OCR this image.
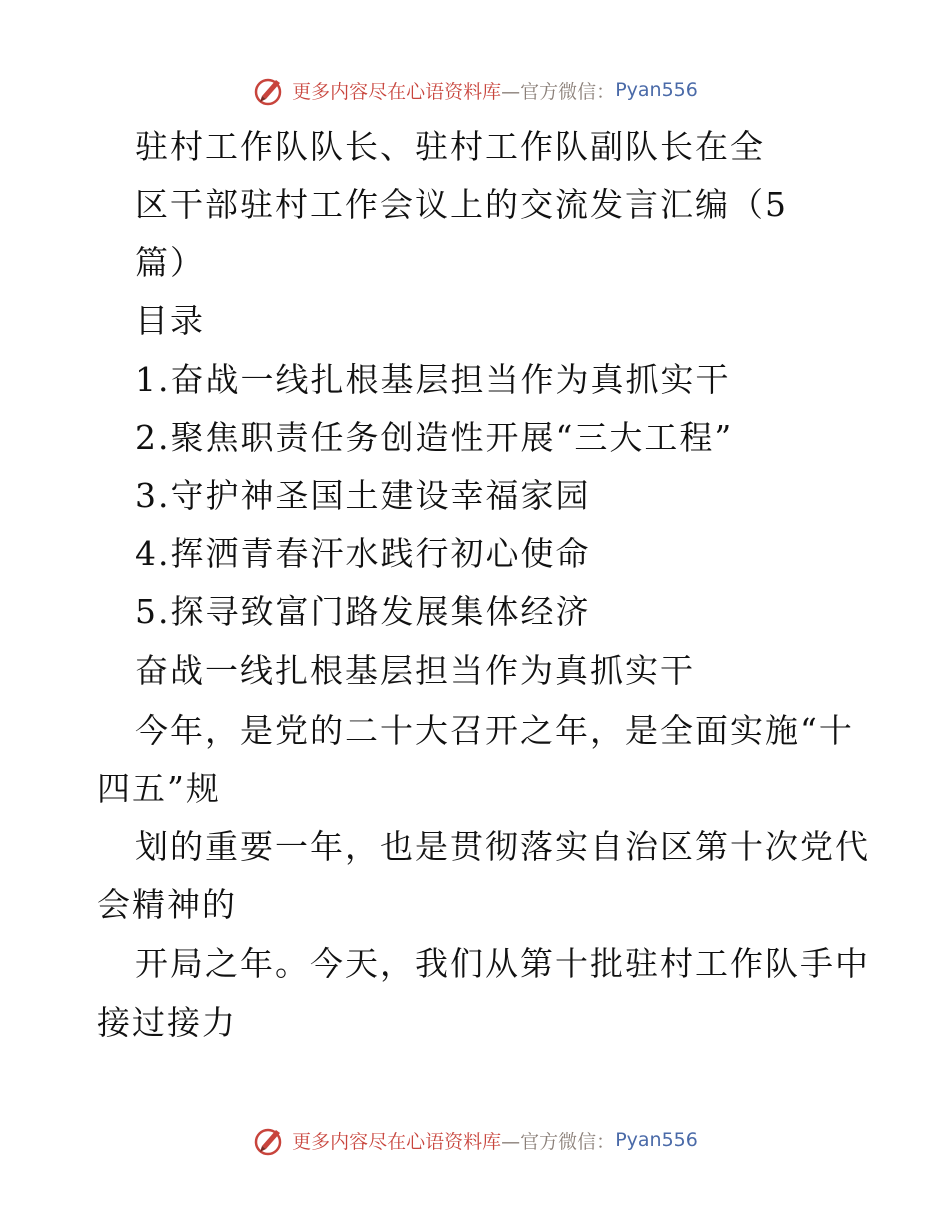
更多内容尽在心语资料库 —官方微信： Pyan556
驻村工作队队长、驻村工作队副队长在全
区干部驻村工作会议上的交流发言汇编（5
篇）
目录
1.奋战一线扎根基层担当作为真抓实干
2.聚焦职责任务创造性开展“三大工程”
3.守护神圣国土建设幸福家园
4.挥洒青春汗水践行初心使命
5.探寻致富门路发展集体经济
奋战一线扎根基层担当作为真抓实干
今年，是党的二十大召开之年，是全面实施“十
四五”规
划的重要一年，也是贯彻落实自治区第十次党代
会精神的
开局之年。今天，我们从第十批驻村工作队手中
接过接力
更多内容尽在心语资料库 —官方微信： Pyan556
